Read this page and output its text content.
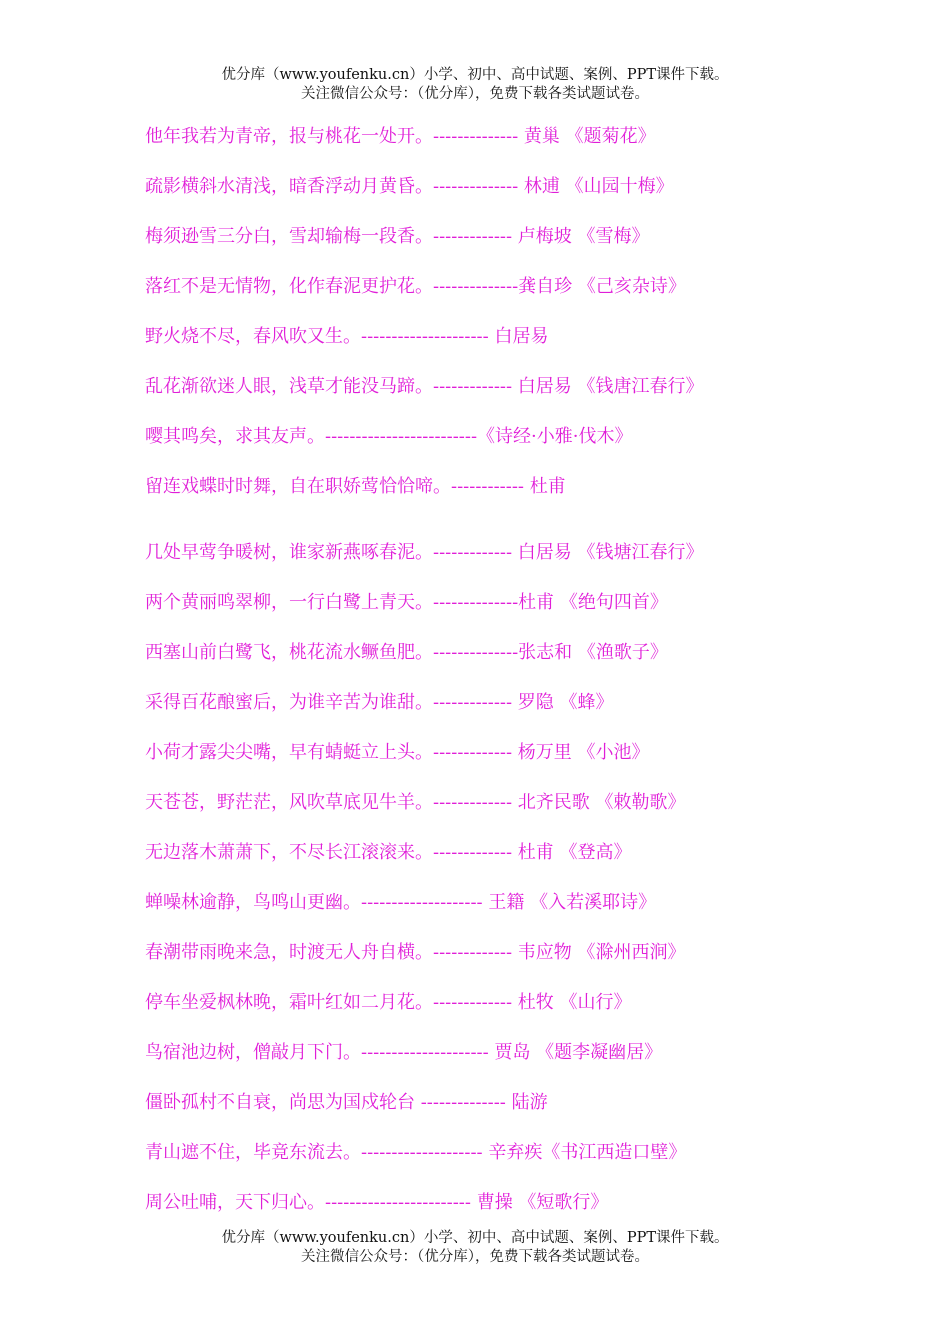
优分库（www.youfenku.cn）小学、初中、高中试题、案例、PPT课件下载。
关注微信公众号：（优分库），免费下载各类试题试卷。
他年我若为青帝，报与桃花一处开。-------------- 黄巢 《题菊花》
疏影横斜水清浅，暗香浮动月黄昏。-------------- 林逋 《山园十梅》
梅须逊雪三分白，雪却输梅一段香。------------- 卢梅坡 《雪梅》
落红不是无情物，化作春泥更护花。--------------龚自珍 《己亥杂诗》
野火烧不尽，春风吹又生。--------------------- 白居易
乱花渐欲迷人眼，浅草才能没马蹄。------------- 白居易 《钱唐江春行》
嘤其鸣矣，求其友声。-------------------------《诗经·小雅·伐木》
留连戏蝶时时舞，自在职娇莺恰恰啼。------------ 杜甫
几处早莺争暖树，谁家新燕啄春泥。------------- 白居易 《钱塘江春行》
两个黄丽鸣翠柳，一行白鹭上青天。--------------杜甫 《绝句四首》
西塞山前白鹭飞，桃花流水鳜鱼肥。--------------张志和 《渔歌子》
采得百花酿蜜后，为谁辛苦为谁甜。------------- 罗隐 《蜂》
小荷才露尖尖嘴，早有蜻蜓立上头。------------- 杨万里 《小池》
天苍苍，野茫茫，风吹草底见牛羊。------------- 北齐民歌 《敕勒歌》
无边落木萧萧下，不尽长江滚滚来。------------- 杜甫 《登高》
蝉噪林逾静，鸟鸣山更幽。-------------------- 王籍 《入若溪耶诗》
春潮带雨晚来急，时渡无人舟自横。------------- 韦应物 《滁州西涧》
停车坐爱枫林晚，霜叶红如二月花。------------- 杜牧 《山行》
鸟宿池边树，僧敲月下门。--------------------- 贾岛 《题李凝幽居》
僵卧孤村不自衰，尚思为国戍轮台 -------------- 陆游
青山遮不住，毕竟东流去。-------------------- 辛弃疾《书江西造口壁》
周公吐哺，天下归心。------------------------ 曹操 《短歌行》
优分库（www.youfenku.cn）小学、初中、高中试题、案例、PPT课件下载。
关注微信公众号：（优分库），免费下载各类试题试卷。
